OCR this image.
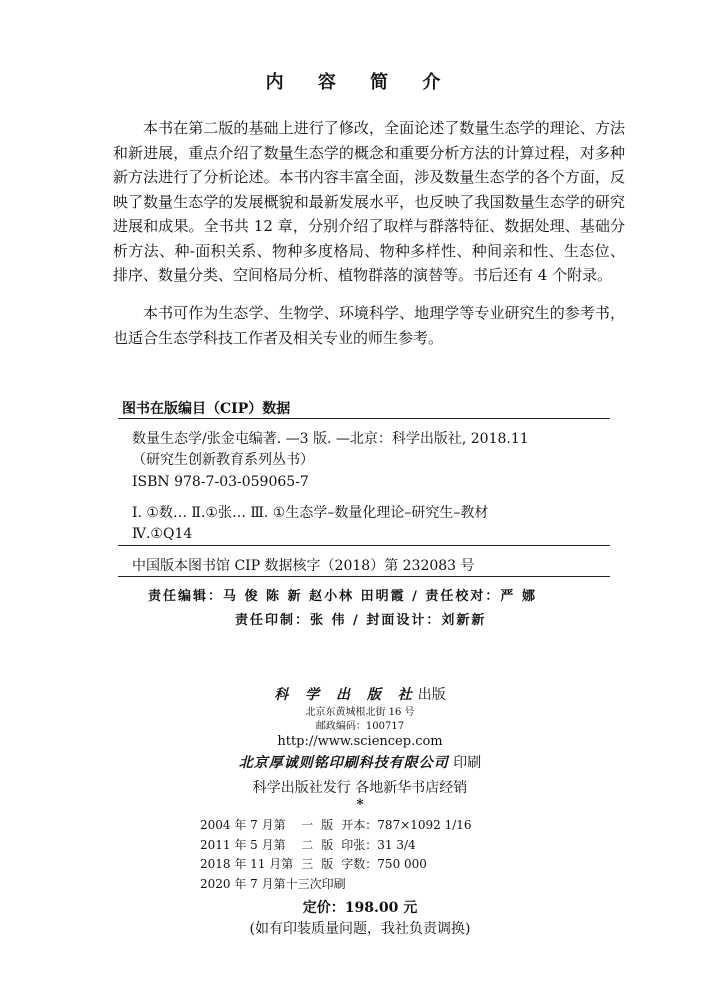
内 容 简 介

本书在第二版的基础上进行了修改，全面论述了数量生态学的理论、方法和新进展，重点介绍了数量生态学的概念和重要分析方法的计算过程，对多种新方法进行了分析论述。本书内容丰富全面，涉及数量生态学的各个方面，反映了数量生态学的发展概貌和最新发展水平，也反映了我国数量生态学的研究进展和成果。全书共 12 章，分别介绍了取样与群落特征、数据处理、基础分析方法、种-面积关系、物种多度格局、物种多样性、种间亲和性、生态位、排序、数量分类、空间格局分析、植物群落的演替等。书后还有 4 个附录。

本书可作为生态学、生物学、环境科学、地理学等专业研究生的参考书，也适合生态学科技工作者及相关专业的师生参考。

图书在版编目（CIP）数据
数量生态学/张金屯编著. —3 版. —北京：科学出版社, 2018.11
（研究生创新教育系列丛书）
ISBN 978-7-03-059065-7
Ⅰ. ①数… Ⅱ.①张… Ⅲ. ①生态学–数量化理论–研究生–教材
Ⅳ.①Q14
中国版本图书馆 CIP 数据核字（2018）第 232083 号
责任编辑：马 俊 陈 新 赵小林 田明霞 / 责任校对：严 娜
责任印制：张 伟 / 封面设计：刘新新
科 学 出 版 社出版
北京东黄城根北街 16 号
邮政编码：100717
http://www.sciencep.com
北京厚诚则铭印刷科技有限公司 印刷
科学出版社发行 各地新华书店经销
*
2004 年 7 月第	一	版	开本：787×1092 1/16
2011 年 5 月第	二	版	印张：31 3/4
2018 年 11 月第	三	版	字数：750 000
2020 年 7 月第十三次印刷			
定价：198.00 元
(如有印装质量问题，我社负责调换)
